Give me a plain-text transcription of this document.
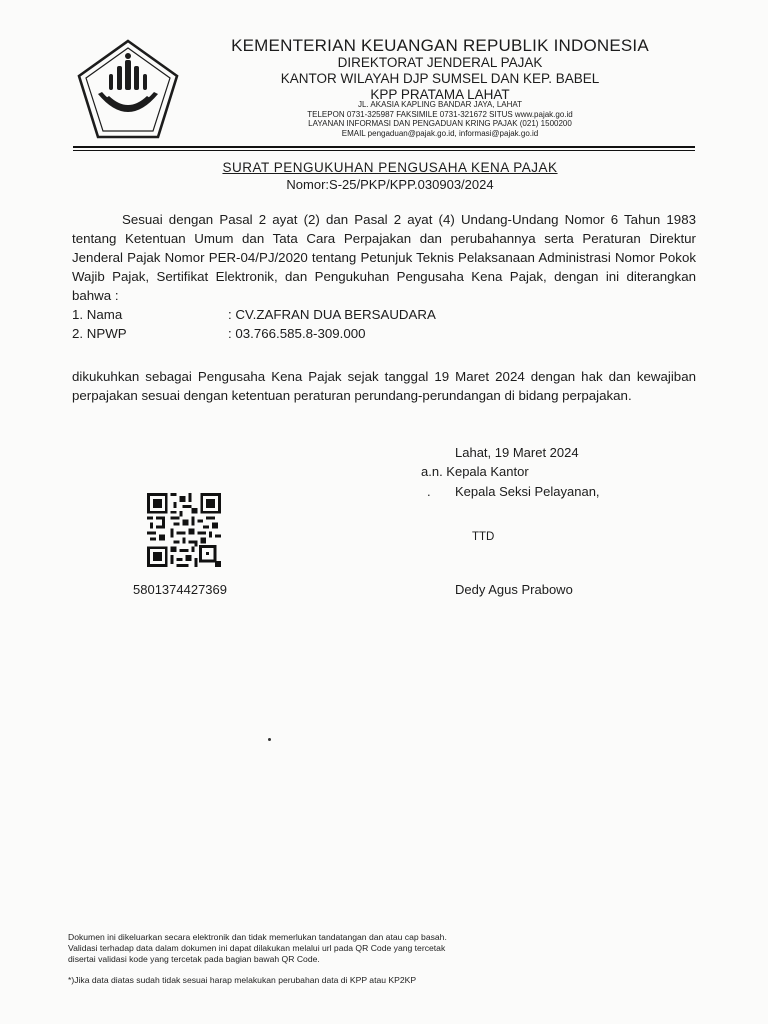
KEMENTERIAN KEUANGAN REPUBLIK INDONESIA
DIREKTORAT JENDERAL PAJAK
KANTOR WILAYAH DJP SUMSEL DAN KEP. BABEL
KPP PRATAMA LAHAT
JL. AKASIA KAPLING BANDAR JAYA, LAHAT
TELEPON 0731-325987 FAKSIMILE 0731-321672 SITUS www.pajak.go.id
LAYANAN INFORMASI DAN PENGADUAN KRING PAJAK (021) 1500200
EMAIL pengaduan@pajak.go.id, informasi@pajak.go.id
SURAT PENGUKUHAN PENGUSAHA KENA PAJAK
Nomor:S-25/PKP/KPP.030903/2024
Sesuai dengan Pasal 2 ayat (2) dan Pasal 2 ayat (4) Undang-Undang Nomor 6 Tahun 1983 tentang Ketentuan Umum dan Tata Cara Perpajakan dan perubahannya serta Peraturan Direktur Jenderal Pajak Nomor PER-04/PJ/2020 tentang Petunjuk Teknis Pelaksanaan Administrasi Nomor Pokok Wajib Pajak, Sertifikat Elektronik, dan Pengukuhan Pengusaha Kena Pajak, dengan ini diterangkan bahwa :
1. Nama	: CV.ZAFRAN DUA BERSAUDARA
2. NPWP	: 03.766.585.8-309.000
dikukuhkan sebagai Pengusaha Kena Pajak sejak tanggal 19 Maret 2024 dengan hak dan kewajiban perpajakan sesuai dengan ketentuan peraturan perundang-perundangan di bidang perpajakan.
Lahat, 19 Maret 2024
a.n. Kepala Kantor
. Kepala Seksi Pelayanan,
TTD
Dedy Agus Prabowo
5801374427369
Dokumen ini dikeluarkan secara elektronik dan tidak memerlukan tandatangan dan atau cap basah.
Validasi terhadap data dalam dokumen ini dapat dilakukan melalui url pada QR Code yang tercetak
disertai validasi kode yang tercetak pada bagian bawah QR Code.
*)Jika data diatas sudah tidak sesuai harap melakukan perubahan data di KPP atau KP2KP
